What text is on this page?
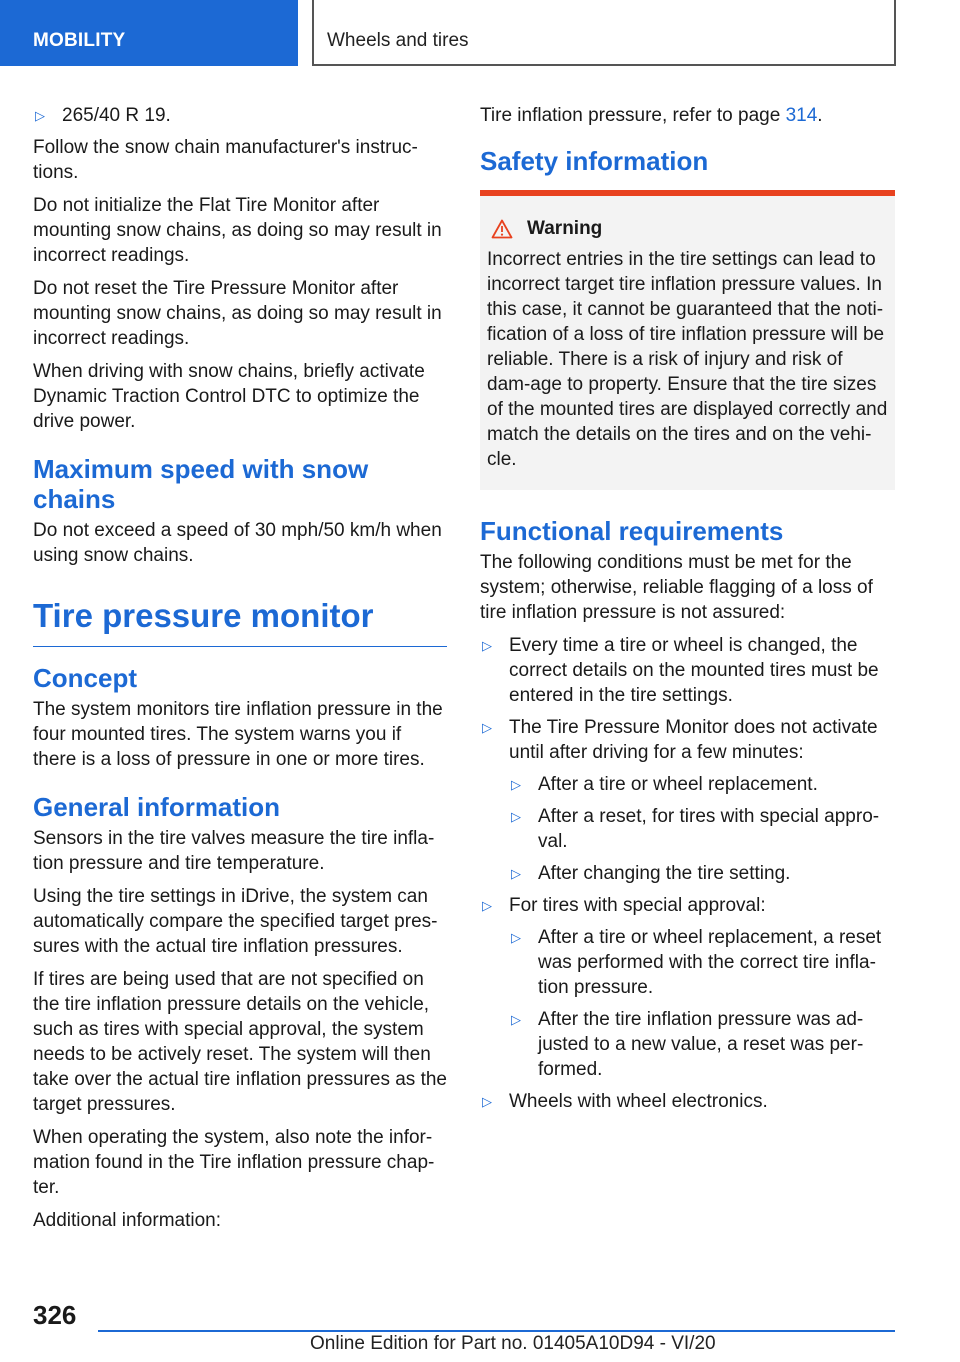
MOBILITY	Wheels and tires
▷ 265/40 R 19.

Follow the snow chain manufacturer's instruc-tions.

Do not initialize the Flat Tire Monitor after mounting snow chains, as doing so may result in incorrect readings.

Do not reset the Tire Pressure Monitor after mounting snow chains, as doing so may result in incorrect readings.

When driving with snow chains, briefly activate Dynamic Traction Control DTC to optimize the drive power.

Maximum speed with snow chains

Do not exceed a speed of 30 mph/50 km/h when using snow chains.

Tire pressure monitor
Concept

The system monitors tire inflation pressure in the four mounted tires. The system warns you if there is a loss of pressure in one or more tires.

General information

Sensors in the tire valves measure the tire infla-tion pressure and tire temperature.

Using the tire settings in iDrive, the system can automatically compare the specified target pres-sures with the actual tire inflation pressures.

If tires are being used that are not specified on the tire inflation pressure details on the vehicle, such as tires with special approval, the system needs to be actively reset. The system will then take over the actual tire inflation pressures as the target pressures.

When operating the system, also note the infor-mation found in the Tire inflation pressure chap-ter.

Additional information:

Tire inflation pressure, refer to page 314.

Safety information
Warning
Incorrect entries in the tire settings can lead to incorrect target tire inflation pressure values. In this case, it cannot be guaranteed that the noti-fication of a loss of tire inflation pressure will be reliable. There is a risk of injury and risk of dam-age to property. Ensure that the tire sizes of the mounted tires are displayed correctly and match the details on the tires and on the vehi-cle.
Functional requirements

The following conditions must be met for the system; otherwise, reliable flagging of a loss of tire inflation pressure is not assured:

▷ Every time a tire or wheel is changed, the correct details on the mounted tires must be entered in the tire settings.
▷ The Tire Pressure Monitor does not activate until after driving for a few minutes:
▷ After a tire or wheel replacement.
▷ After a reset, for tires with special appro-val.
▷ After changing the tire setting.
▷ For tires with special approval:
▷ After a tire or wheel replacement, a reset was performed with the correct tire infla-tion pressure.
▷ After the tire inflation pressure was ad-justed to a new value, a reset was per-formed.
▷ Wheels with wheel electronics.
326
Online Edition for Part no. 01405A10D94 - VI/20
